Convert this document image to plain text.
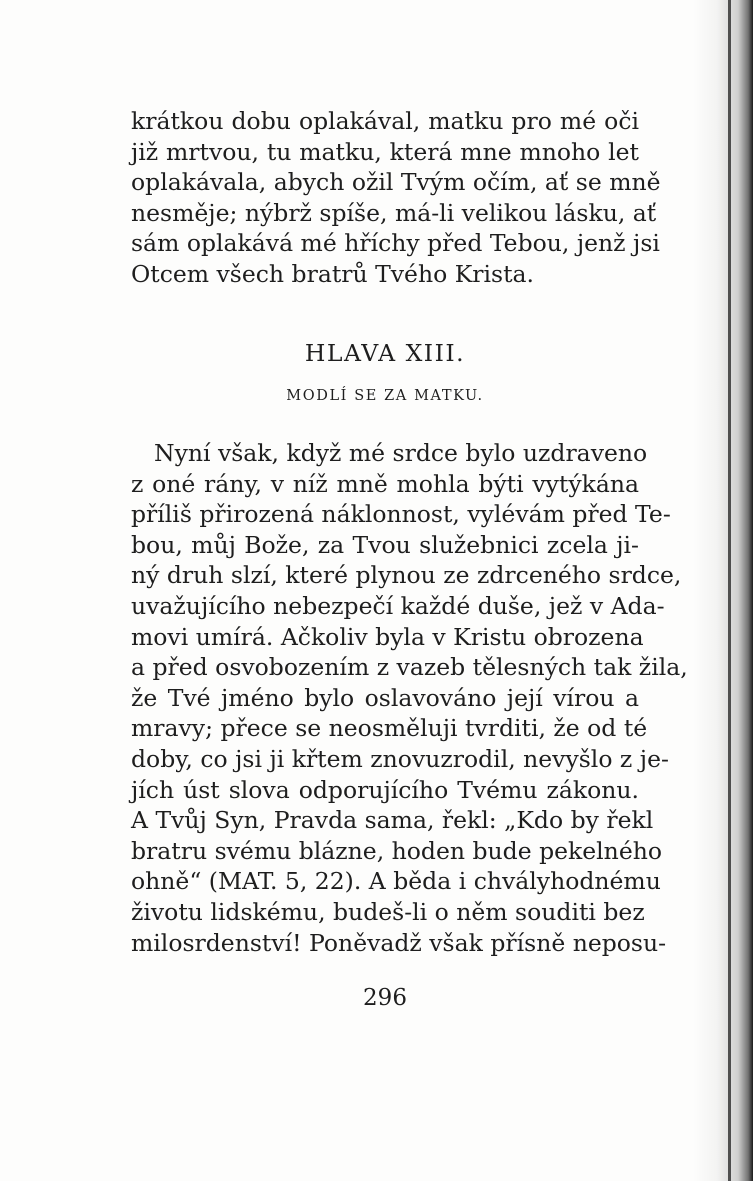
krátkou dobu oplakával, matku pro mé oči
již mrtvou, tu matku, která mne mnoho let
oplakávala, abych ožil Tvým očím, ať se mně
nesměje; nýbrž spíše, má-li velikou lásku, ať
sám oplakává mé hříchy před Tebou, jenž jsi
Otcem všech bratrů Tvého Krista.
HLAVA XIII.
MODLÍ SE ZA MATKU.
Nyní však, když mé srdce bylo uzdraveno
z oné rány, v níž mně mohla býti vytýkána
příliš přirozená náklonnost, vylévám před Te-
bou, můj Bože, za Tvou služebnici zcela ji-
ný druh slzí, které plynou ze zdrceného srdce,
uvažujícího nebezpečí každé duše, jež v Ada-
movi umírá. Ačkoliv byla v Kristu obrozena
a před osvobozením z vazeb tělesných tak žila,
že Tvé jméno bylo oslavováno její vírou a
mravy; přece se neosměluji tvrditi, že od té
doby, co jsi ji křtem znovuzrodil, nevyšlo z je-
jích úst slova odporujícího Tvému zákonu.
A Tvůj Syn, Pravda sama, řekl: „Kdo by řekl
bratru svému blázne, hoden bude pekelného
ohně“ (MAT. 5, 22). A běda i chvályhodnému
životu lidskému, budeš-li o něm souditi bez
milosrdenství! Poněvadž však přísně neposu-
296
